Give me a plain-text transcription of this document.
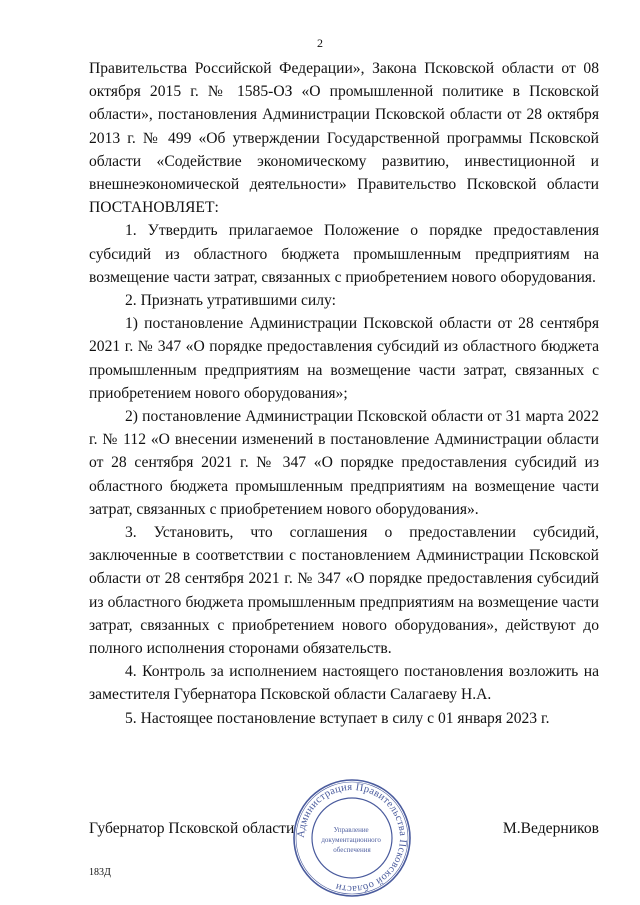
2

Правительства Российской Федерации», Закона Псковской области от 08 октября 2015 г. № 1585-ОЗ «О промышленной политике в Псковской области», постановления Администрации Псковской области от 28 октября 2013 г. № 499 «Об утверждении Государственной программы Псковской области «Содействие экономическому развитию, инвестиционной и внешнеэкономической деятельности» Правительство Псковской области ПОСТАНОВЛЯЕТ:

1. Утвердить прилагаемое Положение о порядке предоставления субсидий из областного бюджета промышленным предприятиям на возмещение части затрат, связанных с приобретением нового оборудования.

2. Признать утратившими силу:

1) постановление Администрации Псковской области от 28 сентября 2021 г. № 347 «О порядке предоставления субсидий из областного бюджета промышленным предприятиям на возмещение части затрат, связанных с приобретением нового оборудования»;

2) постановление Администрации Псковской области от 31 марта 2022 г. № 112 «О внесении изменений в постановление Администрации области от 28 сентября 2021 г. № 347 «О порядке предоставления субсидий из областного бюджета промышленным предприятиям на возмещение части затрат, связанных с приобретением нового оборудования».

3. Установить, что соглашения о предоставлении субсидий, заключенные в соответствии с постановлением Администрации Псковской области от 28 сентября 2021 г. № 347 «О порядке предоставления субсидий из областного бюджета промышленным предприятиям на возмещение части затрат, связанных с приобретением нового оборудования», действуют до полного исполнения сторонами обязательств.

4. Контроль за исполнением настоящего постановления возложить на заместителя Губернатора Псковской области Салагаеву Н.А.

5. Настоящее постановление вступает в силу с 01 января 2023 г.

Губернатор Псковской области	М.Ведерников
Администрация Правительства Псковской области
Управление документационного обеспечения
183Д
